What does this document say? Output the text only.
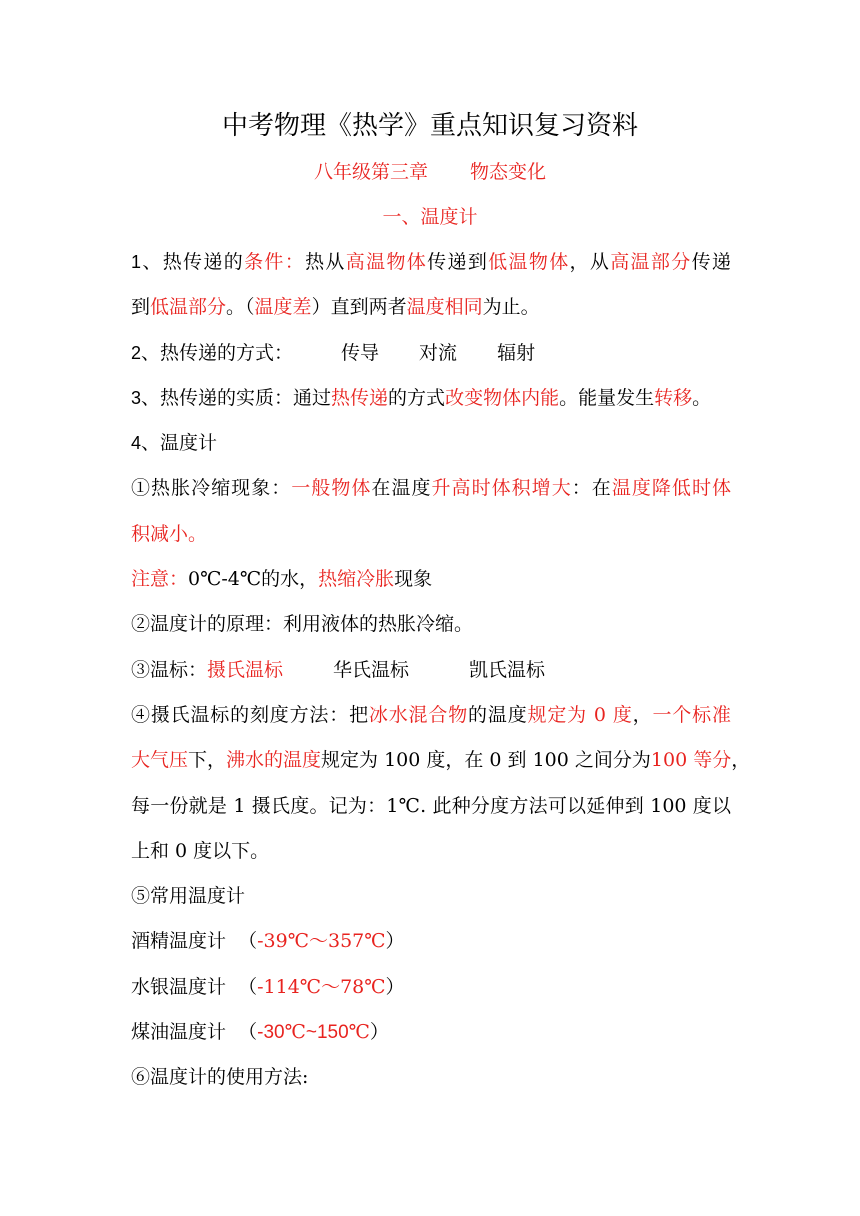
中考物理《热学》重点知识复习资料
八年级第三章 物态变化
一、温度计
1、热传递的条件：热从高温物体传递到低温物体，从高温部分传递
到低温部分。（温度差）直到两者温度相同为止。
2、热传递的方式：	传导 对流 辐射
3、热传递的实质：通过热传递的方式改变物体内能。能量发生转移。
4、温度计
①热胀冷缩现象：一般物体在温度升高时体积增大：在温度降低时体
积减小。
注意：0℃-4℃的水，热缩冷胀现象
②温度计的原理：利用液体的热胀冷缩。
③温标：摄氏温标	华氏温标	凯氏温标
④摄氏温标的刻度方法：把冰水混合物的温度规定为 0 度，一个标准
大气压下，沸水的温度规定为 100 度，在 0 到 100 之间分为100 等分，
每一份就是 1 摄氏度。记为：1℃. 此种分度方法可以延伸到 100 度以
上和 0 度以下。
⑤常用温度计
酒精温度计 （-39℃～357℃）
水银温度计 （-114℃～78℃）
煤油温度计 （-30℃~150℃）
⑥温度计的使用方法:
